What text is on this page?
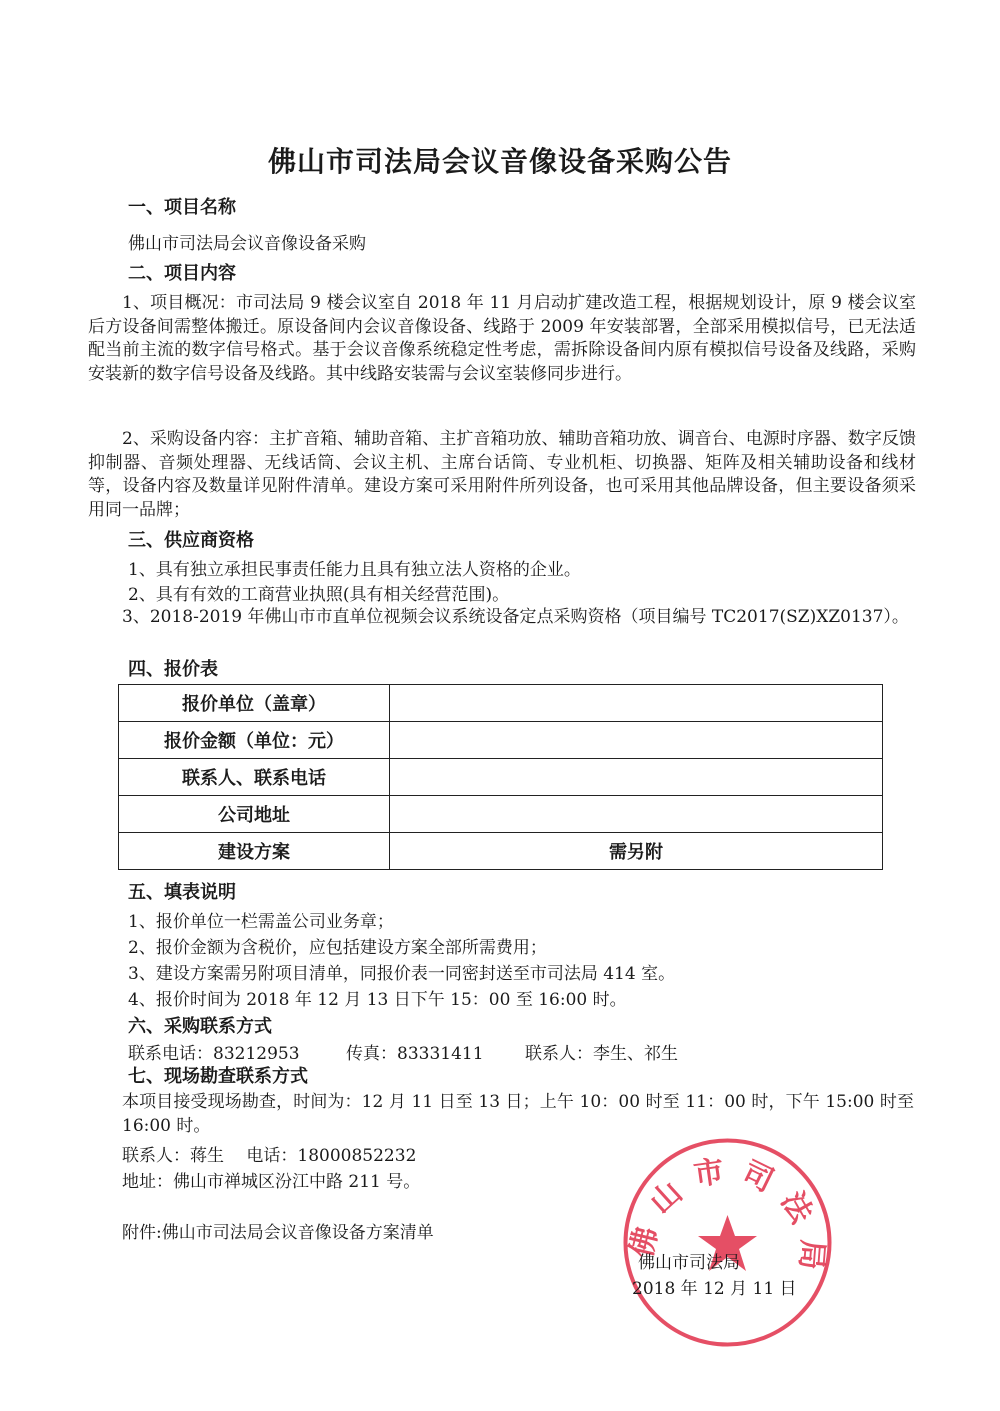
佛山市司法局会议音像设备采购公告
一、项目名称
佛山市司法局会议音像设备采购
二、项目内容
1、项目概况：市司法局 9 楼会议室自 2018 年 11 月启动扩建改造工程，根据规划设计，原 9 楼会议室后方设备间需整体搬迁。原设备间内会议音像设备、线路于 2009 年安装部署，全部采用模拟信号，已无法适配当前主流的数字信号格式。基于会议音像系统稳定性考虑，需拆除设备间内原有模拟信号设备及线路，采购安装新的数字信号设备及线路。其中线路安装需与会议室装修同步进行。
2、采购设备内容：主扩音箱、辅助音箱、主扩音箱功放、辅助音箱功放、调音台、电源时序器、数字反馈抑制器、音频处理器、无线话筒、会议主机、主席台话筒、专业机柜、切换器、矩阵及相关辅助设备和线材等，设备内容及数量详见附件清单。建设方案可采用附件所列设备，也可采用其他品牌设备，但主要设备须采用同一品牌；
三、供应商资格
1、具有独立承担民事责任能力且具有独立法人资格的企业。
2、具有有效的工商营业执照(具有相关经营范围)。
3、2018-2019 年佛山市市直单位视频会议系统设备定点采购资格（项目编号 TC2017(SZ)XZ0137）。
四、报价表
报价单位（盖章）	
报价金额（单位：元）	
联系人、联系电话	
公司地址	
建设方案	需另附
五、填表说明
1、报价单位一栏需盖公司业务章；
2、报价金额为含税价，应包括建设方案全部所需费用；
3、建设方案需另附项目清单，同报价表一同密封送至市司法局 414 室。
4、报价时间为 2018 年 12 月 13 日下午 15：00 至 16:00 时。
六、采购联系方式
联系电话：83212953	传真：83331411 联系人：李生、祁生
七、现场勘查联系方式
本项目接受现场勘查，时间为：12 月 11 日至 13 日；上午 10：00 时至 11：00 时，下午 15:00 时至 16:00 时。
联系人：蒋生　 电话：18000852232
地址：佛山市禅城区汾江中路 211 号。
附件:佛山市司法局会议音像设备方案清单	佛山市司法局
佛山市司法局
2018 年 12 月 11 日
